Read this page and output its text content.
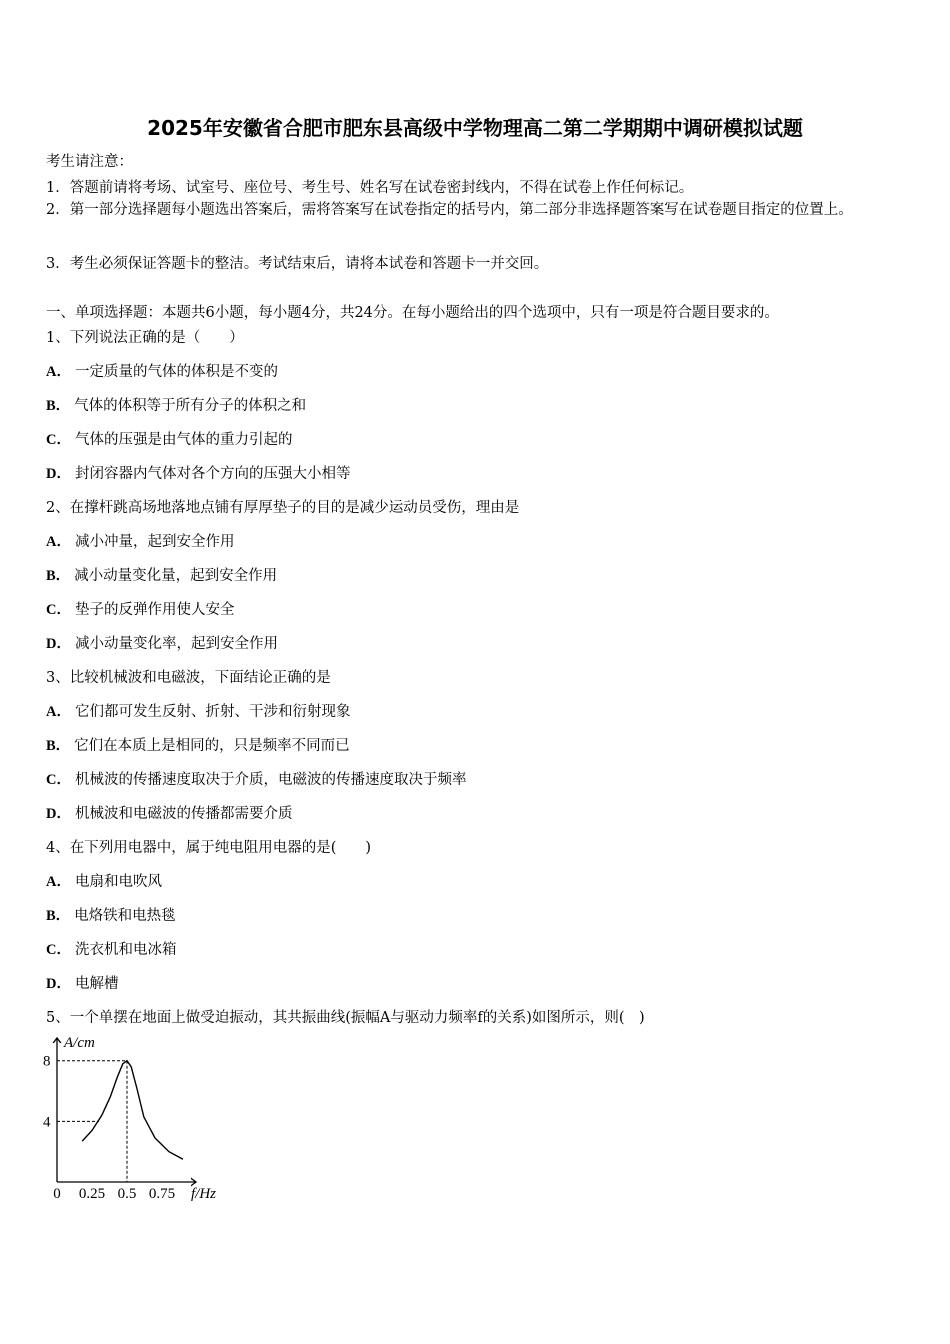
2025年安徽省合肥市肥东县高级中学物理高二第二学期期中调研模拟试题
考生请注意：
1．答题前请将考场、试室号、座位号、考生号、姓名写在试卷密封线内，不得在试卷上作任何标记。
2．第一部分选择题每小题选出答案后，需将答案写在试卷指定的括号内，第二部分非选择题答案写在试卷题目指定的位置上。
3．考生必须保证答题卡的整洁。考试结束后，请将本试卷和答题卡一并交回。
一、单项选择题：本题共6小题，每小题4分，共24分。在每小题给出的四个选项中，只有一项是符合题目要求的。
1、下列说法正确的是（　　）
A． 一定质量的气体的体积是不变的
B． 气体的体积等于所有分子的体积之和
C． 气体的压强是由气体的重力引起的
D． 封闭容器内气体对各个方向的压强大小相等
2、在撑杆跳高场地落地点铺有厚厚垫子的目的是减少运动员受伤，理由是
A． 减小冲量，起到安全作用
B． 减小动量变化量，起到安全作用
C． 垫子的反弹作用使人安全
D． 减小动量变化率，起到安全作用
3、比较机械波和电磁波，下面结论正确的是
A． 它们都可发生反射、折射、干涉和衍射现象
B． 它们在本质上是相同的，只是频率不同而已
C． 机械波的传播速度取决于介质，电磁波的传播速度取决于频率
D． 机械波和电磁波的传播都需要介质
4、在下列用电器中，属于纯电阻用电器的是(　　)
A． 电扇和电吹风
B． 电烙铁和电热毯
C． 洗衣机和电冰箱
D． 电解槽
5、一个单摆在地面上做受迫振动，其共振曲线(振幅A与驱动力频率f的关系)如图所示，则(　)
A/cm
8
4
0 0.25 0.5 0.75 f/Hz
